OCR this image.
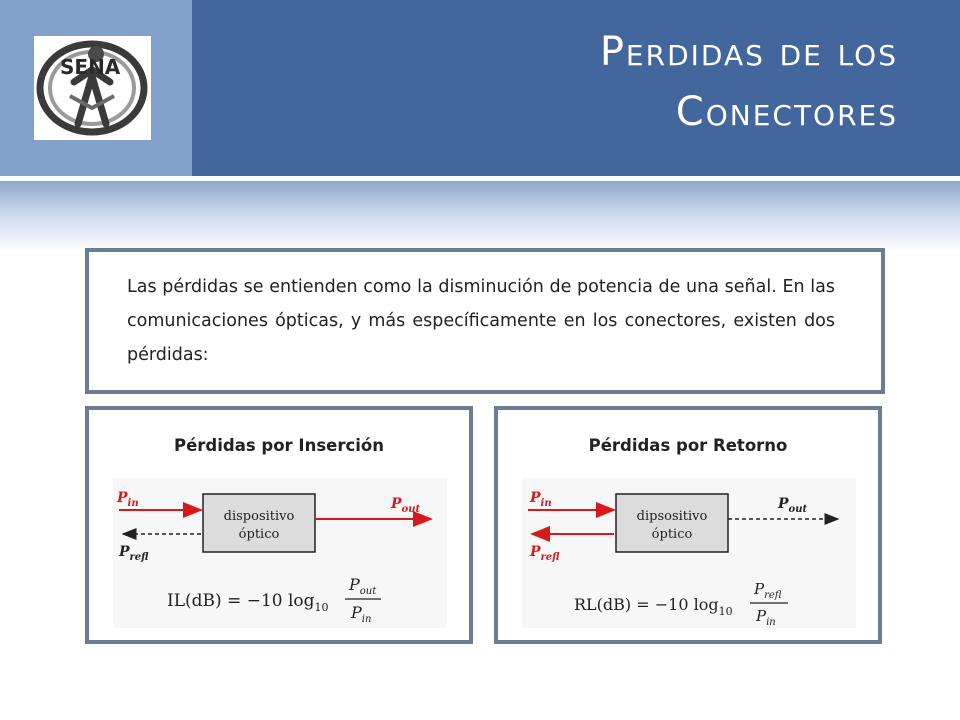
SENA	Perdidas de los
Conectores

Las pérdidas se entienden como la disminución de potencia de una señal. En las comunicaciones ópticas, y más específicamente en los conectores, existen dos pérdidas:

Pérdidas por Inserción

dispositivo
óptico
$P_{in}$
$P_{refl}$
$P_{out}$
IL(dB) = −10 $\log_{10}$
$P_{out}$
$P_{in}$

Pérdidas por Retorno

dipsositivo
óptico
$P_{in}$
$P_{refl}$
$P_{out}$
RL(dB) = −10 $\log_{10}$
$P_{refl}$
$P_{in}$
